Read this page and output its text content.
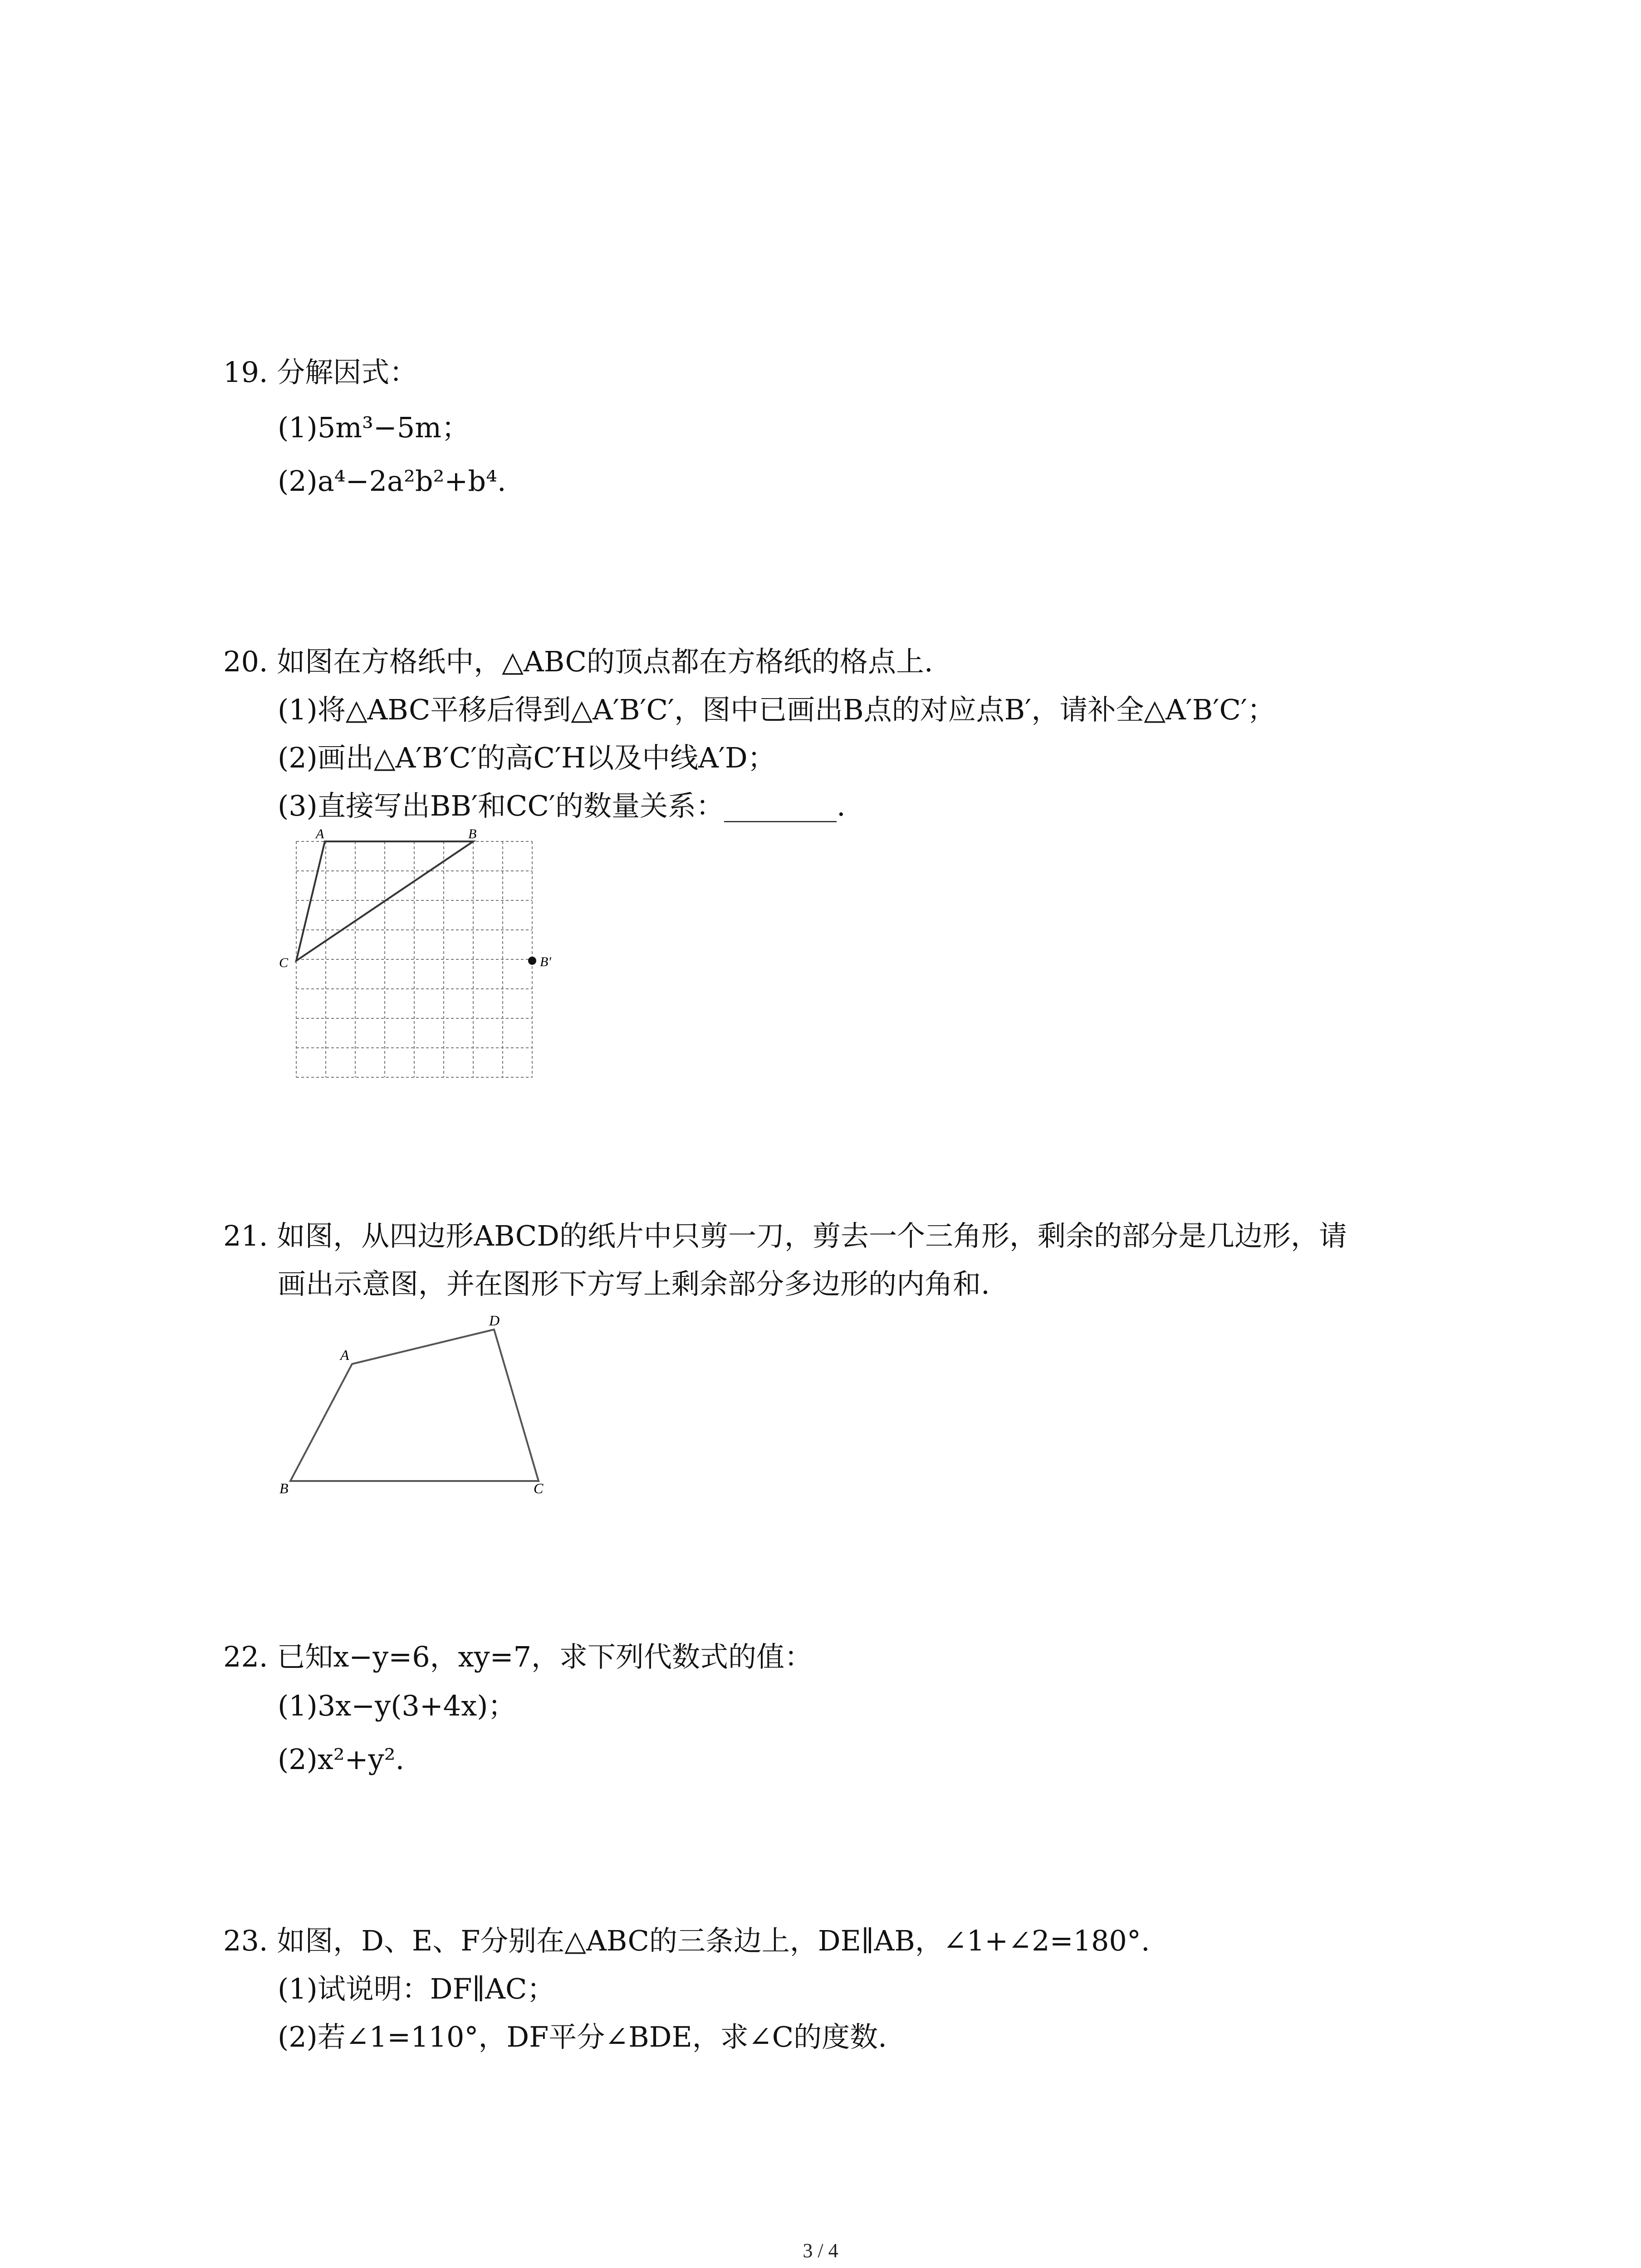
19. 分解因式：
(1)5m³−5m；
(2)a⁴−2a²b²+b⁴.
20. 如图在方格纸中，△ABC的顶点都在方格纸的格点上.
(1)将△ABC平移后得到△A′B′C′，图中已画出B点的对应点B′，请补全△A′B′C′；
(2)画出△A′B′C′的高C′H以及中线A′D；
(3)直接写出BB′和CC′的数量关系：________.
A	B
C	B′
21. 如图，从四边形ABCD的纸片中只剪一刀，剪去一个三角形，剩余的部分是几边形，请
画出示意图，并在图形下方写上剩余部分多边形的内角和.
A
D
B	C
22. 已知x−y=6，xy=7，求下列代数式的值：
(1)3x−y(3+4x)；
(2)x²+y².
23. 如图，D、E、F分别在△ABC的三条边上，DE∥AB，∠1+∠2=180°.
(1)试说明：DF∥AC；
(2)若∠1=110°，DF平分∠BDE，求∠C的度数.
3 / 4
